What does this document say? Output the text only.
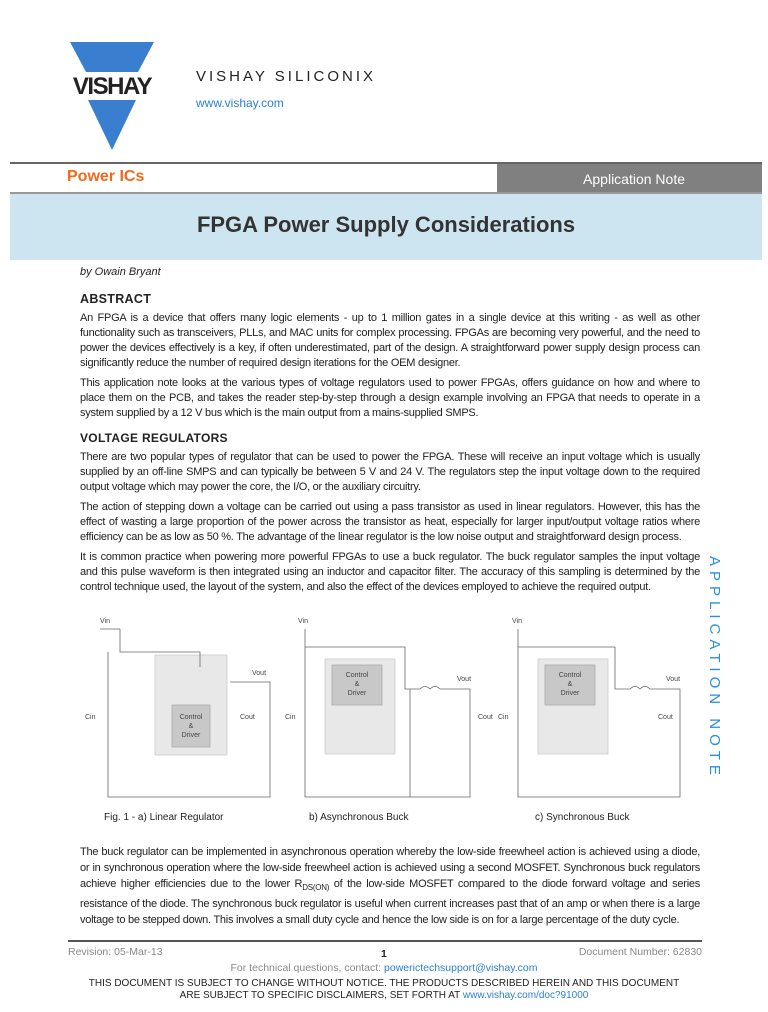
VISHAY	VISHAY SILICONIX
www.vishay.com
Power ICs	Application Note
FPGA Power Supply Considerations
by Owain Bryant
ABSTRACT

An FPGA is a device that offers many logic elements - up to 1 million gates in a single device at this writing - as well as other functionality such as transceivers, PLLs, and MAC units for complex processing. FPGAs are becoming very powerful, and the need to power the devices effectively is a key, if often underestimated, part of the design. A straightforward power supply design process can significantly reduce the number of required design iterations for the OEM designer.

This application note looks at the various types of voltage regulators used to power FPGAs, offers guidance on how and where to place them on the PCB, and takes the reader step-by-step through a design example involving an FPGA that needs to operate in a system supplied by a 12 V bus which is the main output from a mains-supplied SMPS.

VOLTAGE REGULATORS

There are two popular types of regulator that can be used to power the FPGA. These will receive an input voltage which is usually supplied by an off-line SMPS and can typically be between 5 V and 24 V. The regulators step the input voltage down to the required output voltage which may power the core, the I/O, or the auxiliary circuitry.

The action of stepping down a voltage can be carried out using a pass transistor as used in linear regulators. However, this has the effect of wasting a large proportion of the power across the transistor as heat, especially for larger input/output voltage ratios where efficiency can be as low as 50 %. The advantage of the linear regulator is the low noise output and straightforward design process.

It is common practice when powering more powerful FPGAs to use a buck regulator. The buck regulator samples the input voltage and this pulse waveform is then integrated using an inductor and capacitor filter. The accuracy of this sampling is determined by the control technique used, the layout of the system, and also the effect of the devices employed to achieve the required output.

Vin	Vin	Vin
Vout
Vout	Vout
Cin	Cin	Cin
Cout	Cout	Cout
Control
&
Driver
Control
&
Driver
Control
&
Driver
Fig. 1 - a) Linear Regulator	b) Asynchronous Buck	c) Synchronous Buck

The buck regulator can be implemented in asynchronous operation whereby the low-side freewheel action is achieved using a diode, or in synchronous operation where the low-side freewheel action is achieved using a second MOSFET. Synchronous buck regulators achieve higher efficiencies due to the lower $R_{DS(ON)}$ of the low-side MOSFET compared to the diode forward voltage and series resistance of the diode. The synchronous buck regulator is useful when current increases past that of an amp or when there is a large voltage to be stepped down. This involves a small duty cycle and hence the low side is on for a large percentage of the duty cycle.

APPLICATION NOTE
Revision: 05-Mar-13	1	Document Number: 62830
For technical questions, contact: powerictechsupport@vishay.com
THIS DOCUMENT IS SUBJECT TO CHANGE WITHOUT NOTICE. THE PRODUCTS DESCRIBED HEREIN AND THIS DOCUMENT
ARE SUBJECT TO SPECIFIC DISCLAIMERS, SET FORTH AT www.vishay.com/doc?91000
